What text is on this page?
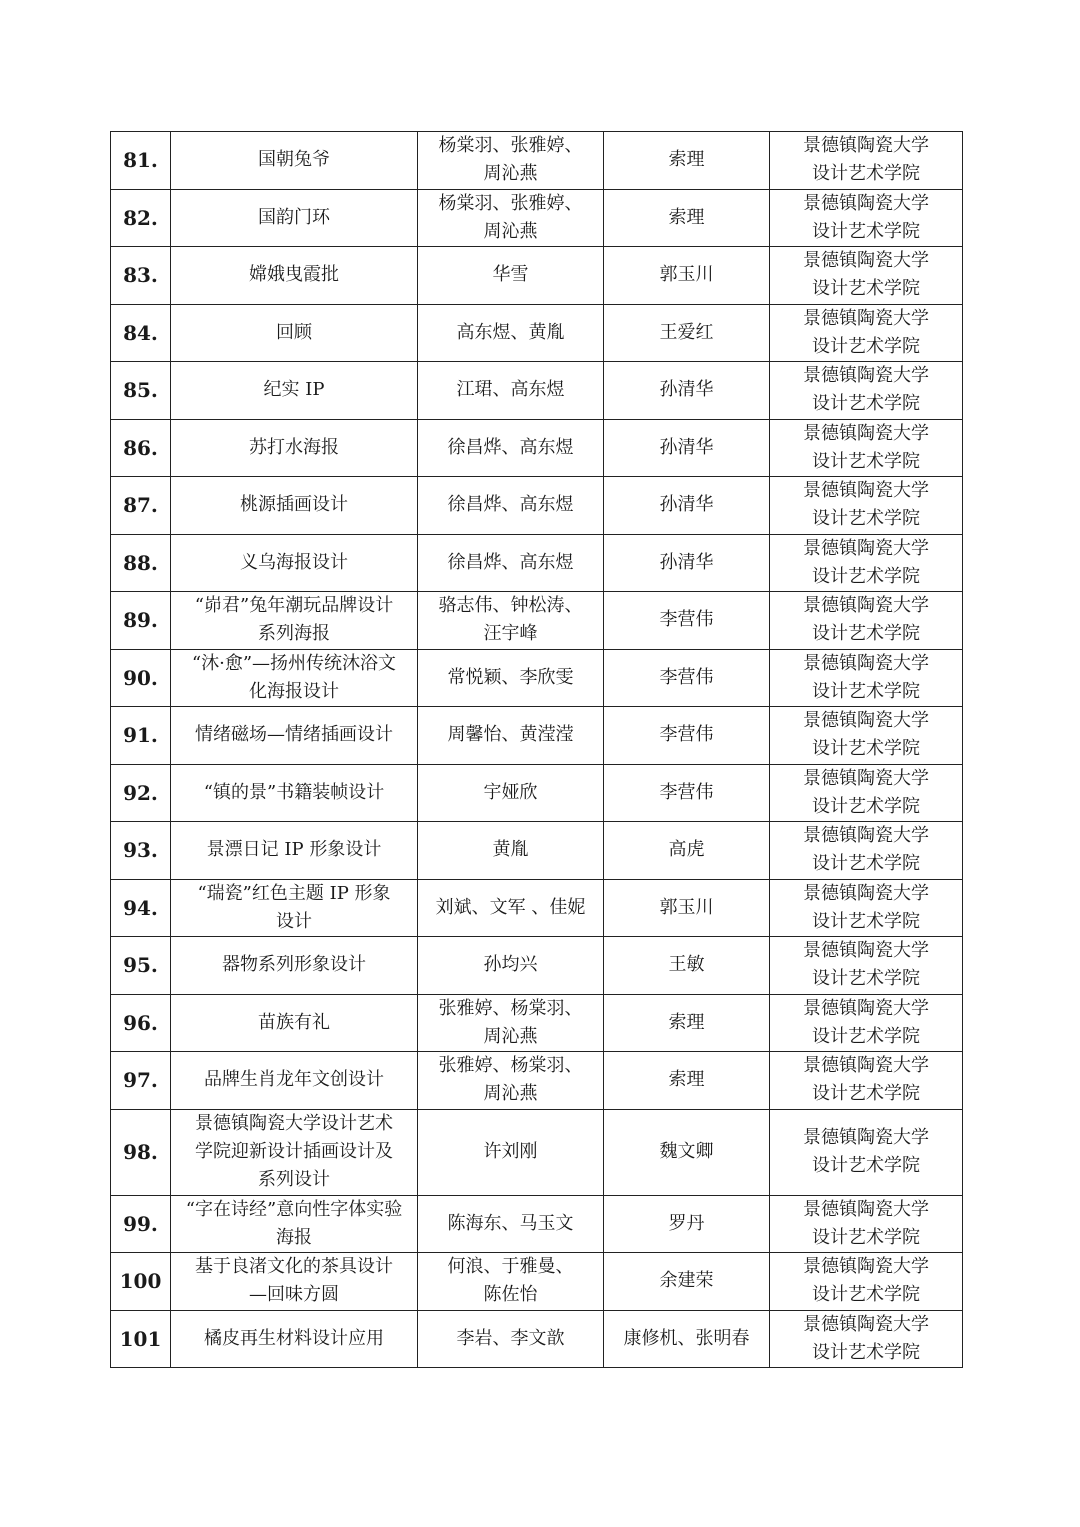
81.	国朝兔爷	杨棠羽、张雅婷、
周沁燕	索理	景德镇陶瓷大学
设计艺术学院

82.	国韵门环	杨棠羽、张雅婷、
周沁燕	索理	景德镇陶瓷大学
设计艺术学院

83.	嫦娥曳霞批	华雪	郭玉川	景德镇陶瓷大学
设计艺术学院

84.	回顾	高东煜、黄胤	王爱红	景德镇陶瓷大学
设计艺术学院

85.	纪实 IP	江珺、高东煜	孙清华	景德镇陶瓷大学
设计艺术学院

86.	苏打水海报	徐昌烨、高东煜	孙清华	景德镇陶瓷大学
设计艺术学院

87.	桃源插画设计	徐昌烨、高东煜	孙清华	景德镇陶瓷大学
设计艺术学院

88.	义乌海报设计	徐昌烨、高东煜	孙清华	景德镇陶瓷大学
设计艺术学院

89.	“峁君”兔年潮玩品牌设计
系列海报	骆志伟、钟松涛、
汪宇峰	李营伟	景德镇陶瓷大学
设计艺术学院

90.	“沐·愈”—扬州传统沐浴文
化海报设计	常悦颖、李欣雯	李营伟	景德镇陶瓷大学
设计艺术学院

91.	情绪磁场—情绪插画设计	周馨怡、黄滢滢	李营伟	景德镇陶瓷大学
设计艺术学院

92.	“镇的景”书籍装帧设计	宇娅欣	李营伟	景德镇陶瓷大学
设计艺术学院

93.	景漂日记 IP 形象设计	黄胤	高虎	景德镇陶瓷大学
设计艺术学院

94.	“瑞瓷”红色主题 IP 形象
设计	刘斌、文军 、佳妮	郭玉川	景德镇陶瓷大学
设计艺术学院

95.	器物系列形象设计	孙均兴	王敏	景德镇陶瓷大学
设计艺术学院

96.	苗族有礼	张雅婷、杨棠羽、
周沁燕	索理	景德镇陶瓷大学
设计艺术学院

97.	品牌生肖龙年文创设计	张雅婷、杨棠羽、
周沁燕	索理	景德镇陶瓷大学
设计艺术学院

98.	景德镇陶瓷大学设计艺术
学院迎新设计插画设计及
系列设计	许刘刚	魏文卿	景德镇陶瓷大学
设计艺术学院

99.	“字在诗经”意向性字体实验
海报	陈海东、马玉文	罗丹	景德镇陶瓷大学
设计艺术学院

100	基于良渚文化的茶具设计
—回味方圆	何浪、于雅曼、
陈佐怡	余建荣	景德镇陶瓷大学
设计艺术学院

101	橘皮再生材料设计应用	李岩、李文歆	康修机、张明春	景德镇陶瓷大学
设计艺术学院
